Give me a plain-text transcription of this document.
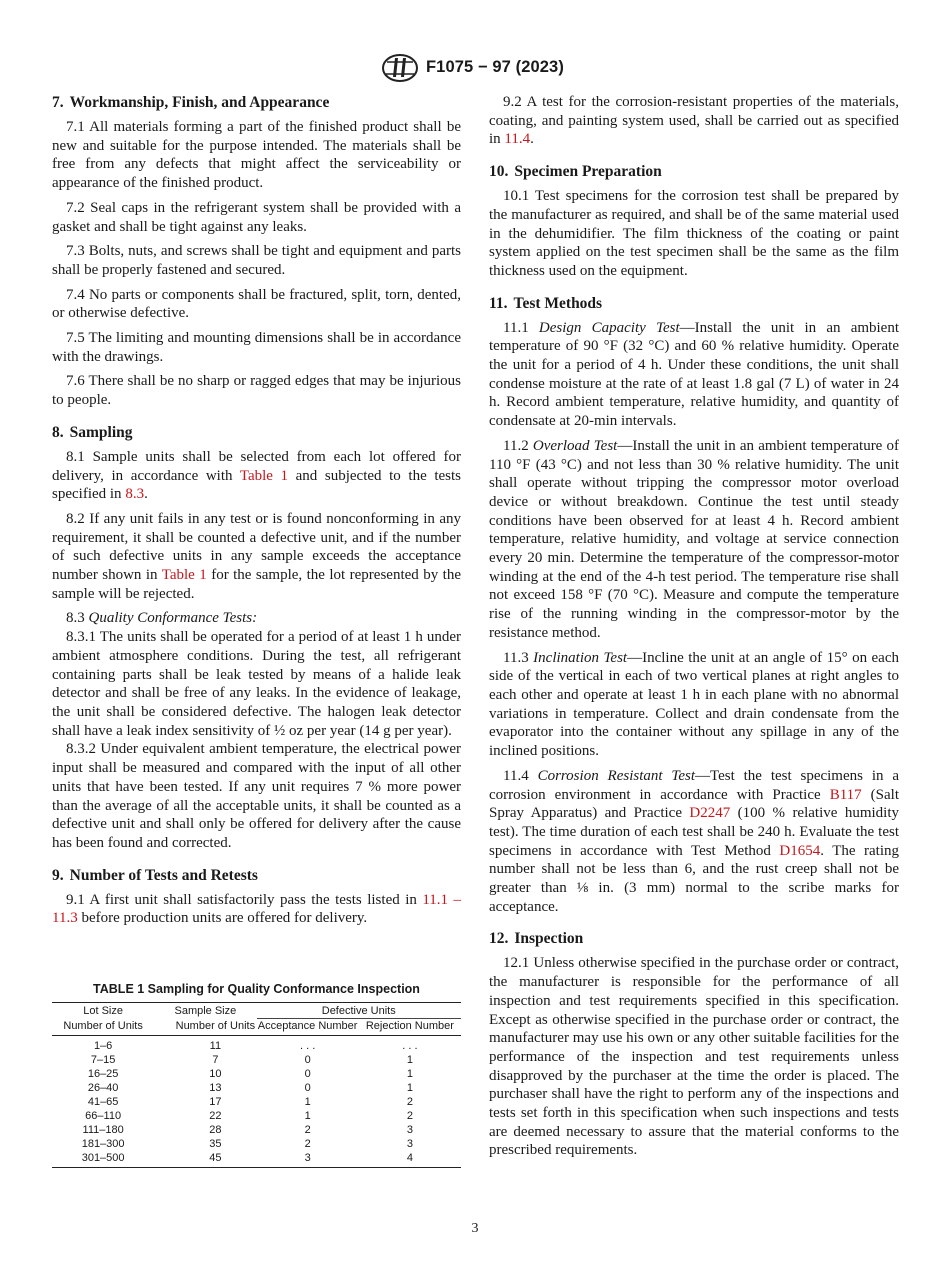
F1075 − 97 (2023)
7. Workmanship, Finish, and Appearance

7.1 All materials forming a part of the finished product shall be new and suitable for the purpose intended. The materials shall be free from any defects that might affect the serviceability or appearance of the finished product.

7.2 Seal caps in the refrigerant system shall be provided with a gasket and shall be tight against any leaks.

7.3 Bolts, nuts, and screws shall be tight and equipment and parts shall be properly fastened and secured.

7.4 No parts or components shall be fractured, split, torn, dented, or otherwise defective.

7.5 The limiting and mounting dimensions shall be in accordance with the drawings.

7.6 There shall be no sharp or ragged edges that may be injurious to people.

8. Sampling

8.1 Sample units shall be selected from each lot offered for delivery, in accordance with Table 1 and subjected to the tests specified in 8.3.

8.2 If any unit fails in any test or is found nonconforming in any requirement, it shall be counted a defective unit, and if the number of such defective units in any sample exceeds the acceptance number shown in Table 1 for the sample, the lot represented by the sample will be rejected.

8.3 Quality Conformance Tests:

8.3.1 The units shall be operated for a period of at least 1 h under ambient atmosphere conditions. During the test, all refrigerant containing parts shall be leak tested by means of a halide leak detector and shall be free of any leaks. In the evidence of leakage, the unit shall be considered defective. The halogen leak detector shall have a leak index sensitivity of ½ oz per year (14 g per year).

8.3.2 Under equivalent ambient temperature, the electrical power input shall be measured and compared with the input of all other units that have been tested. If any unit requires 7 % more power than the average of all the acceptable units, it shall be counted as a defective unit and shall only be offered for delivery after the cause has been found and corrected.

9. Number of Tests and Retests

9.1 A first unit shall satisfactorily pass the tests listed in 11.1 – 11.3 before production units are offered for delivery.

TABLE 1 Sampling for Quality Conformance Inspection
Lot Size	Sample Size	Defective Units	
Number of Units	Number of Units	Acceptance Number	Rejection Number
1–6	11	. . .	. . .
7–15	7	0	1
16–25	10	0	1
26–40	13	0	1
41–65	17	1	2
66–110	22	1	2
111–180	28	2	3
181–300	35	2	3
301–500	45	3	4

9.2 A test for the corrosion-resistant properties of the materials, coating, and painting system used, shall be carried out as specified in 11.4.

10. Specimen Preparation

10.1 Test specimens for the corrosion test shall be prepared by the manufacturer as required, and shall be of the same material used in the dehumidifier. The film thickness of the coating or paint system applied on the test specimen shall be the same as the film thickness used on the equipment.

11. Test Methods

11.1 Design Capacity Test—Install the unit in an ambient temperature of 90 °F (32 °C) and 60 % relative humidity. Operate the unit for a period of 4 h. Under these conditions, the unit shall condense moisture at the rate of at least 1.8 gal (7 L) of water in 24 h. Record ambient temperature, relative humidity, and quantity of condensate at 20-min intervals.

11.2 Overload Test—Install the unit in an ambient temperature of 110 °F (43 °C) and not less than 30 % relative humidity. The unit shall operate without tripping the compressor motor overload device or without breakdown. Continue the test until steady conditions have been observed for at least 4 h. Record ambient temperature, relative humidity, and voltage at service connection every 20 min. Determine the temperature of the compressor-motor winding at the end of the 4-h test period. The temperature rise shall not exceed 158 °F (70 °C). Measure and compute the temperature rise of the running winding in the compressor-motor by the resistance method.

11.3 Inclination Test—Incline the unit at an angle of 15° on each side of the vertical in each of two vertical planes at right angles to each other and operate at least 1 h in each plane with no abnormal variations in temperature. Collect and drain condensate from the evaporator into the container without any spillage in any of the inclined positions.

11.4 Corrosion Resistant Test—Test the test specimens in a corrosion environment in accordance with Practice B117 (Salt Spray Apparatus) and Practice D2247 (100 % relative humidity test). The time duration of each test shall be 240 h. Evaluate the test specimens in accordance with Test Method D1654. The rating number shall not be less than 6, and the rust creep shall not be greater than ⅛ in. (3 mm) normal to the scribe marks for acceptance.

12. Inspection

12.1 Unless otherwise specified in the purchase order or contract, the manufacturer is responsible for the performance of all inspection and test requirements specified in this specification. Except as otherwise specified in the purchase order or contract, the manufacturer may use his own or any other suitable facilities for the performance of the inspection and test requirements unless disapproved by the purchaser at the time the order is placed. The purchaser shall have the right to perform any of the inspections and tests set forth in this specification when such inspections and tests are deemed necessary to assure that the material conforms to the prescribed requirements.

3
